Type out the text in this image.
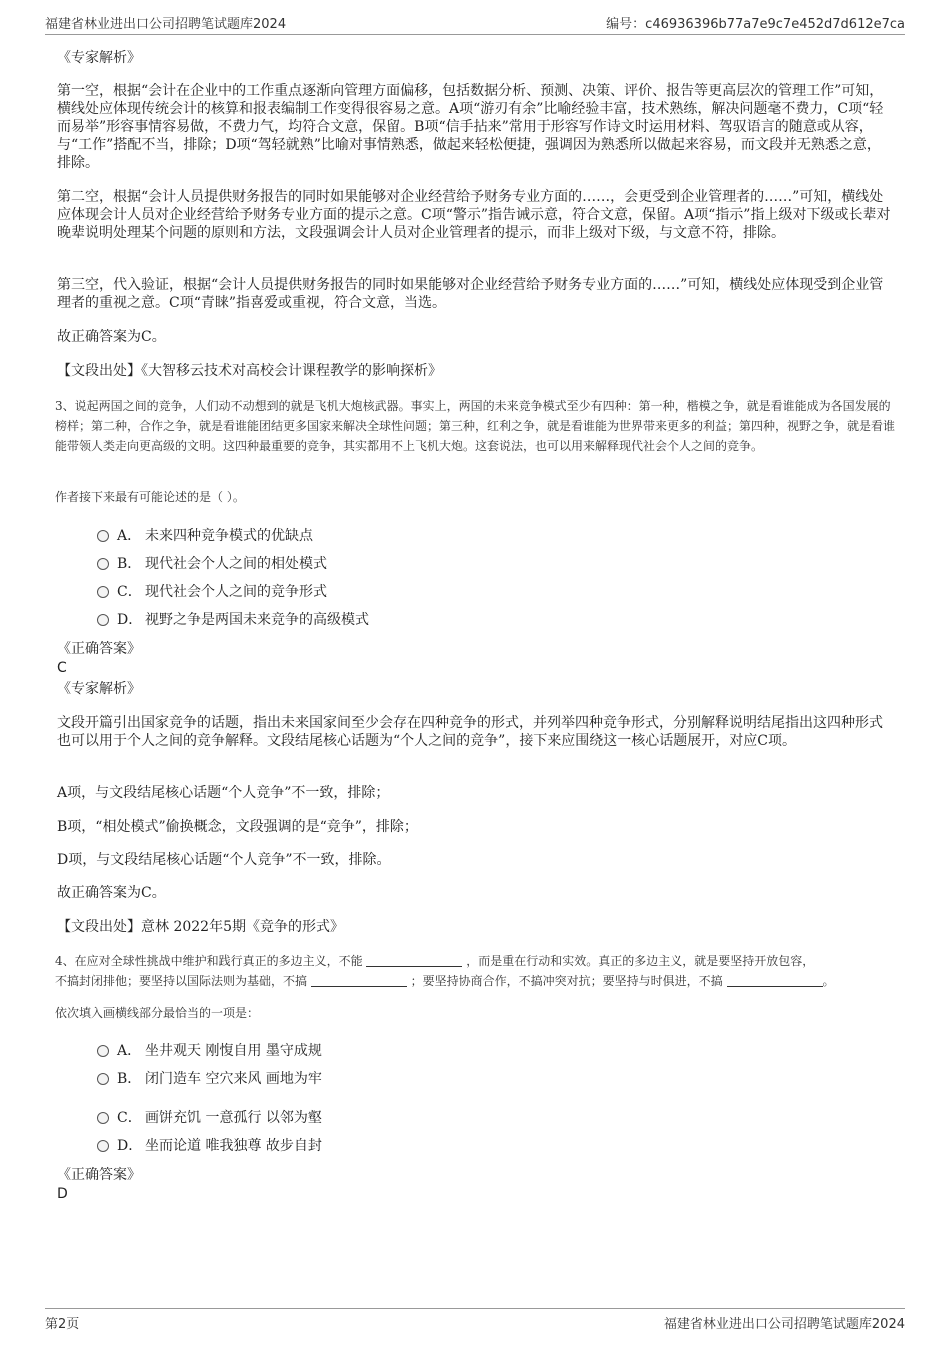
福建省林业进出口公司招聘笔试题库2024	编号：c46936396b77a7e9c7e452d7d612e7ca
《专家解析》
第一空，根据“会计在企业中的工作重点逐渐向管理方面偏移，包括数据分析、预测、决策、评价、报告等更高层次的管理工作”可知，横线处应体现传统会计的核算和报表编制工作变得很容易之意。A项“游刃有余”比喻经验丰富，技术熟练，解决问题毫不费力，C项“轻而易举”形容事情容易做，不费力气，均符合文意，保留。B项“信手拈来”常用于形容写作诗文时运用材料、驾驭语言的随意或从容，与“工作”搭配不当，排除；D项“驾轻就熟”比喻对事情熟悉，做起来轻松便捷，强调因为熟悉所以做起来容易，而文段并无熟悉之意，排除。
第二空，根据“会计人员提供财务报告的同时如果能够对企业经营给予财务专业方面的……，会更受到企业管理者的……”可知，横线处应体现会计人员对企业经营给予财务专业方面的提示之意。C项“警示”指告诫示意，符合文意，保留。A项“指示”指上级对下级或长辈对晚辈说明处理某个问题的原则和方法，文段强调会计人员对企业管理者的提示，而非上级对下级，与文意不符，排除。
第三空，代入验证，根据“会计人员提供财务报告的同时如果能够对企业经营给予财务专业方面的……”可知，横线处应体现受到企业管理者的重视之意。C项“青睐”指喜爱或重视，符合文意，当选。
故正确答案为C。
【文段出处】《大智移云技术对高校会计课程教学的影响探析》
3、说起两国之间的竞争，人们动不动想到的就是飞机大炮核武器。事实上，两国的未来竞争模式至少有四种：第一种，楷模之争，就是看谁能成为各国发展的榜样；第二种，合作之争，就是看谁能团结更多国家来解决全球性问题；第三种，红利之争，就是看谁能为世界带来更多的利益；第四种，视野之争，就是看谁能带领人类走向更高级的文明。这四种最重要的竞争，其实都用不上飞机大炮。这套说法，也可以用来解释现代社会个人之间的竞争。
作者接下来最有可能论述的是（ ）。
A． 未来四种竞争模式的优缺点
B． 现代社会个人之间的相处模式
C． 现代社会个人之间的竞争形式
D． 视野之争是两国未来竞争的高级模式
《正确答案》
C
《专家解析》
文段开篇引出国家竞争的话题，指出未来国家间至少会存在四种竞争的形式，并列举四种竞争形式，分别解释说明结尾指出这四种形式也可以用于个人之间的竞争解释。文段结尾核心话题为“个人之间的竞争”，接下来应围绕这一核心话题展开，对应C项。
A项，与文段结尾核心话题“个人竞争”不一致，排除；
B项，“相处模式”偷换概念，文段强调的是“竞争”，排除；
D项，与文段结尾核心话题“个人竞争”不一致，排除。
故正确答案为C。
【文段出处】意林 2022年5期《竞争的形式》
4、在应对全球性挑战中维护和践行真正的多边主义，不能	，而是重在行动和实效。真正的多边主义，就是要坚持开放包容，
不搞封闭排他；要坚持以国际法则为基础，不搞	；要坚持协商合作，不搞冲突对抗；要坚持与时俱进，不搞	。
依次填入画横线部分最恰当的一项是：
A． 坐井观天 刚愎自用 墨守成规
B． 闭门造车 空穴来风 画地为牢
C． 画饼充饥 一意孤行 以邻为壑
D． 坐而论道 唯我独尊 故步自封
《正确答案》
D
第2页	福建省林业进出口公司招聘笔试题库2024
